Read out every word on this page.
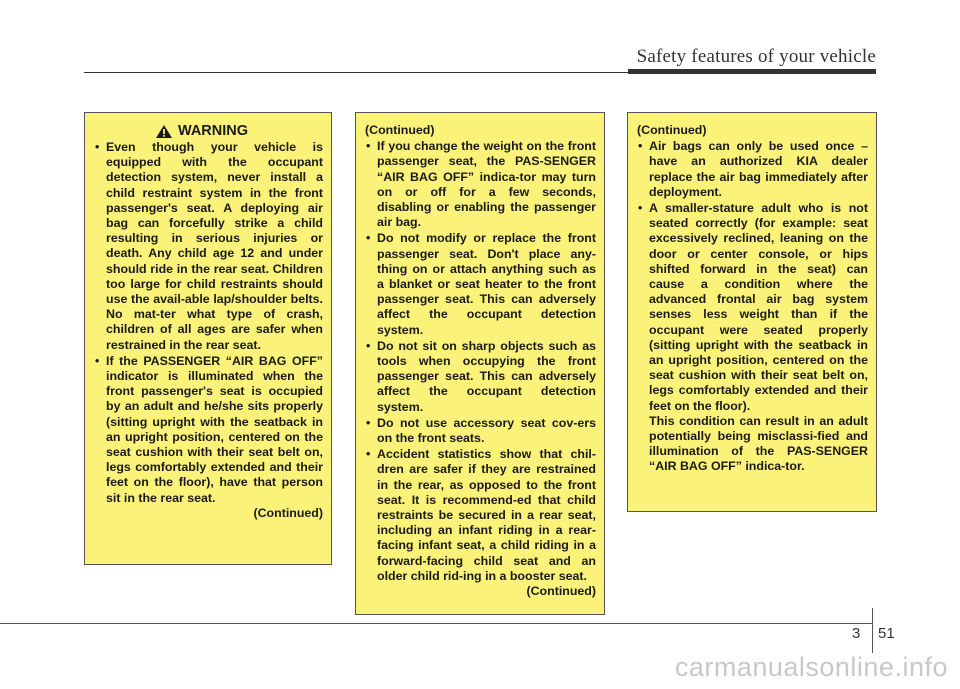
Safety features of your vehicle
WARNING
• Even though your vehicle is equipped with the occupant detection system, never install a child restraint system in the front passenger's seat. A deploying air bag can forcefully strike a child resulting in serious injuries or death. Any child age 12 and under should ride in the rear seat. Children too large for child restraints should use the avail-able lap/shoulder belts. No mat-ter what type of crash, children of all ages are safer when restrained in the rear seat.
• If the PASSENGER “AIR BAG OFF” indicator is illuminated when the front passenger's seat is occupied by an adult and he/she sits properly (sitting upright with the seatback in an upright position, centered on the seat cushion with their seat belt on, legs comfortably extended and their feet on the floor), have that person sit in the rear seat.
(Continued)
(Continued)
• If you change the weight on the front passenger seat, the PAS-SENGER “AIR BAG OFF” indica-tor may turn on or off for a few seconds, disabling or enabling the passenger air bag.
• Do not modify or replace the front passenger seat. Don't place any-thing on or attach anything such as a blanket or seat heater to the front passenger seat. This can adversely affect the occupant detection system.
• Do not sit on sharp objects such as tools when occupying the front passenger seat. This can adversely affect the occupant detection system.
• Do not use accessory seat cov-ers on the front seats.
• Accident statistics show that chil-dren are safer if they are restrained in the rear, as opposed to the front seat. It is recommend-ed that child restraints be secured in a rear seat, including an infant riding in a rear-facing infant seat, a child riding in a forward-facing child seat and an older child rid-ing in a booster seat.
(Continued)
(Continued)
• Air bags can only be used once – have an authorized KIA dealer replace the air bag immediately after deployment.
• A smaller-stature adult who is not seated correctly (for example: seat excessively reclined, leaning on the door or center console, or hips shifted forward in the seat) can cause a condition where the advanced frontal air bag system senses less weight than if the occupant were seated properly (sitting upright with the seatback in an upright position, centered on the seat cushion with their seat belt on, legs comfortably extended and their feet on the floor).
This condition can result in an adult potentially being misclassi-fied and illumination of the PAS-SENGER “AIR BAG OFF” indica-tor.
3 51
carmanualsonline.info
